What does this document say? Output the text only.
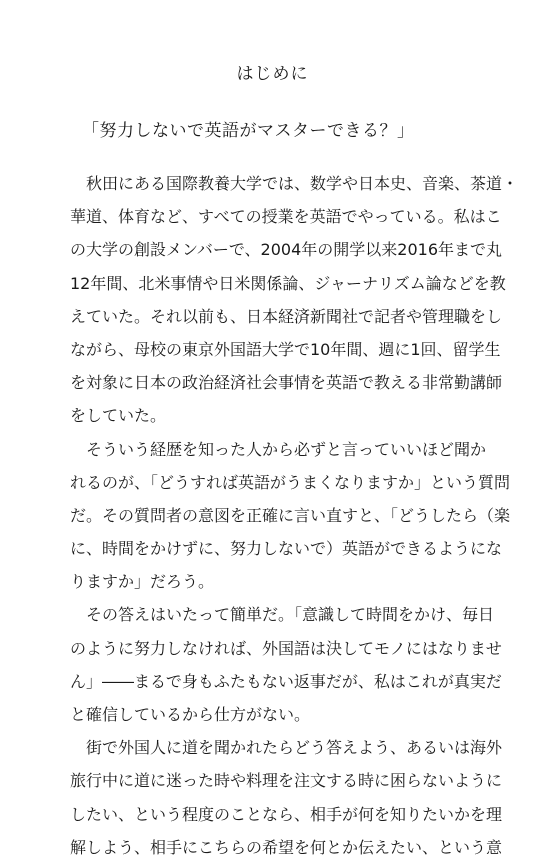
はじめに
「努力しないで英語がマスターできる？」

秋田にある国際教養大学では、数学や日本史、音楽、茶道・
華道、体育など、すべての授業を英語でやっている。私はこ
の大学の創設メンバーで、2004年の開学以来2016年まで丸
12年間、北米事情や日米関係論、ジャーナリズム論などを教
えていた。それ以前も、日本経済新聞社で記者や管理職をし
ながら、母校の東京外国語大学で10年間、週に1回、留学生
を対象に日本の政治経済社会事情を英語で教える非常勤講師
をしていた。

そういう経歴を知った人から必ずと言っていいほど聞か
れるのが、「どうすれば英語がうまくなりますか」という質問
だ。その質問者の意図を正確に言い直すと、「どうしたら（楽
に、時間をかけずに、努力しないで）英語ができるようにな
りますか」だろう。

その答えはいたって簡単だ。「意識して時間をかけ、毎日
のように努力しなければ、外国語は決してモノにはなりませ
ん」――まるで身もふたもない返事だが、私はこれが真実だ
と確信しているから仕方がない。

街で外国人に道を聞かれたらどう答えよう、あるいは海外
旅行中に道に迷った時や料理を注文する時に困らないように
したい、という程度のことなら、相手が何を知りたいかを理
解しよう、相手にこちらの希望を何とか伝えたい、という意
